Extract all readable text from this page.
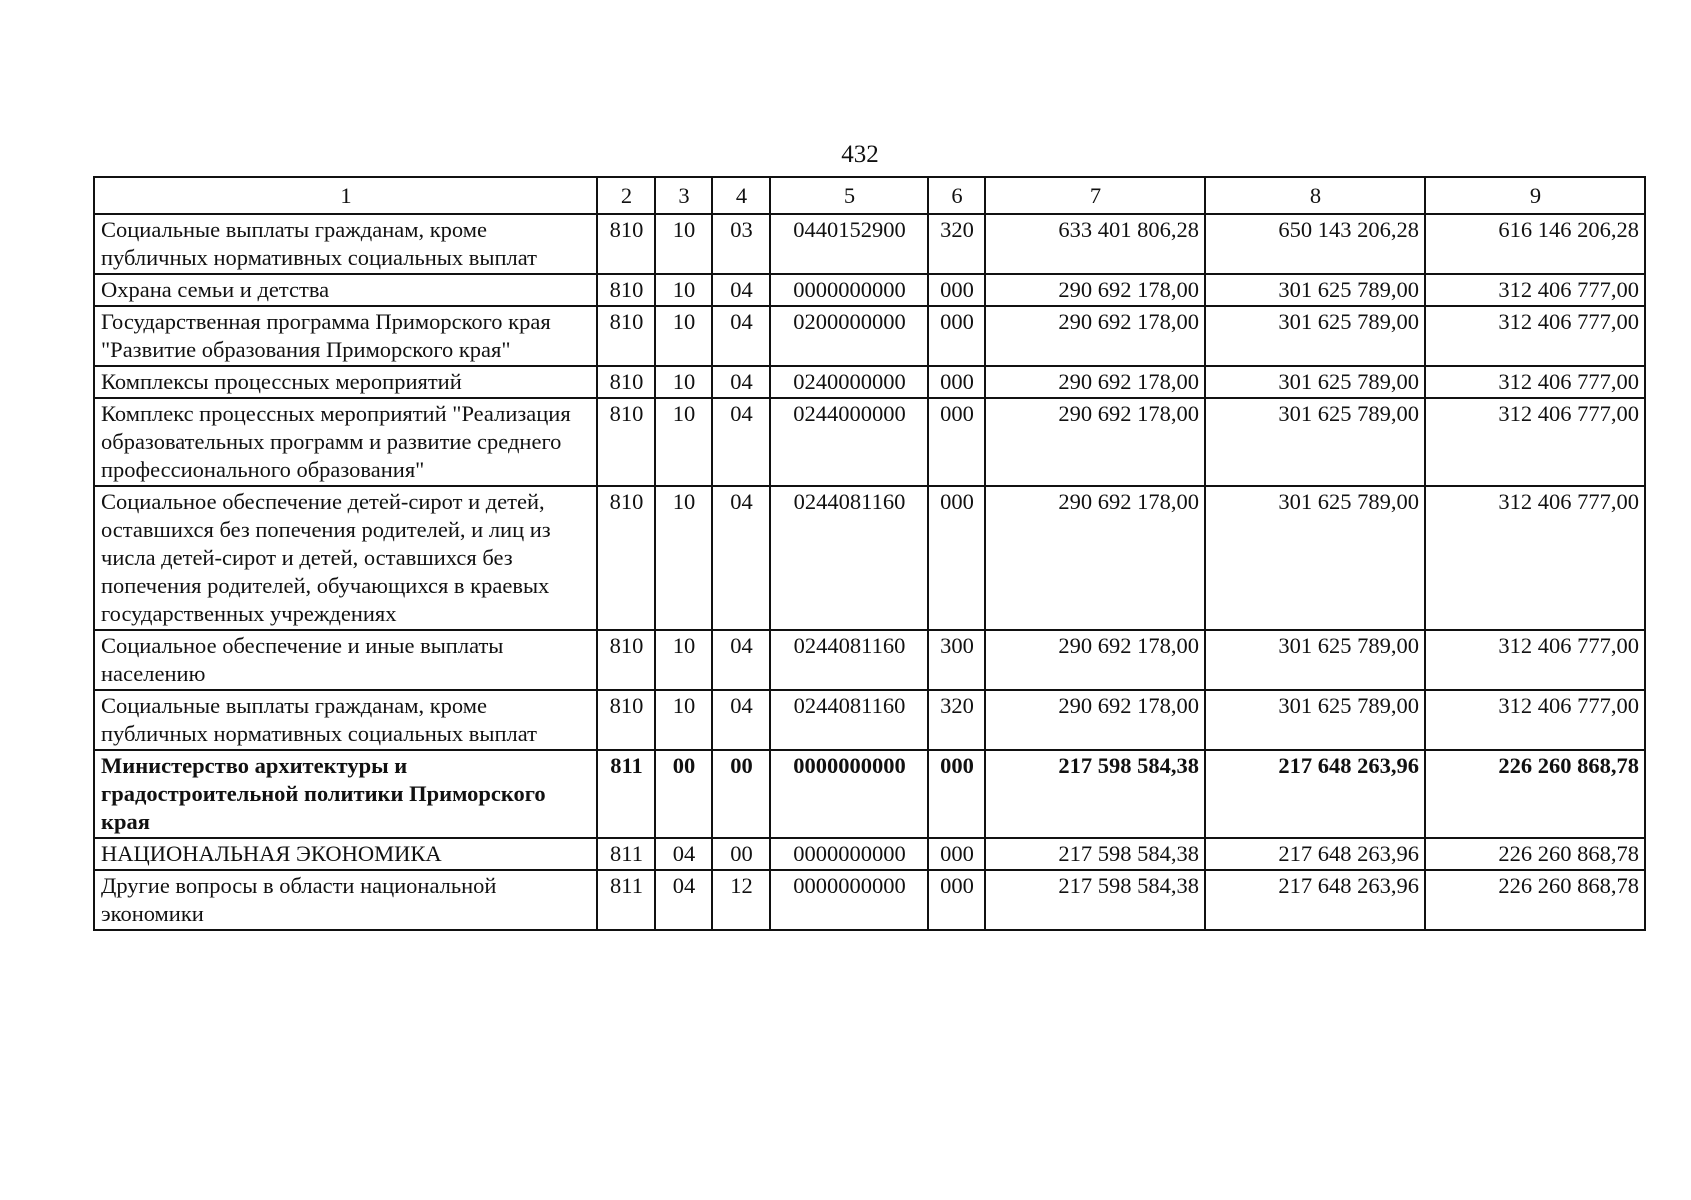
432
1	2	3	4	5	6	7	8	9
Социальные выплаты гражданам, кроме публичных нормативных социальных выплат	810	10	03	0440152900	320	633 401 806,28	650 143 206,28	616 146 206,28
Охрана семьи и детства	810	10	04	0000000000	000	290 692 178,00	301 625 789,00	312 406 777,00
Государственная программа Приморского края "Развитие образования Приморского края"	810	10	04	0200000000	000	290 692 178,00	301 625 789,00	312 406 777,00
Комплексы процессных мероприятий	810	10	04	0240000000	000	290 692 178,00	301 625 789,00	312 406 777,00
Комплекс процессных мероприятий "Реализация образовательных программ и развитие среднего профессионального образования"	810	10	04	0244000000	000	290 692 178,00	301 625 789,00	312 406 777,00
Социальное обеспечение детей-сирот и детей, оставшихся без попечения родителей, и лиц из числа детей-сирот и детей, оставшихся без попечения родителей, обучающихся в краевых государственных учреждениях	810	10	04	0244081160	000	290 692 178,00	301 625 789,00	312 406 777,00
Социальное обеспечение и иные выплаты населению	810	10	04	0244081160	300	290 692 178,00	301 625 789,00	312 406 777,00
Социальные выплаты гражданам, кроме публичных нормативных социальных выплат	810	10	04	0244081160	320	290 692 178,00	301 625 789,00	312 406 777,00
Министерство архитектуры и градостроительной политики Приморского края	811	00	00	0000000000	000	217 598 584,38	217 648 263,96	226 260 868,78
НАЦИОНАЛЬНАЯ ЭКОНОМИКА	811	04	00	0000000000	000	217 598 584,38	217 648 263,96	226 260 868,78
Другие вопросы в области национальной экономики	811	04	12	0000000000	000	217 598 584,38	217 648 263,96	226 260 868,78
